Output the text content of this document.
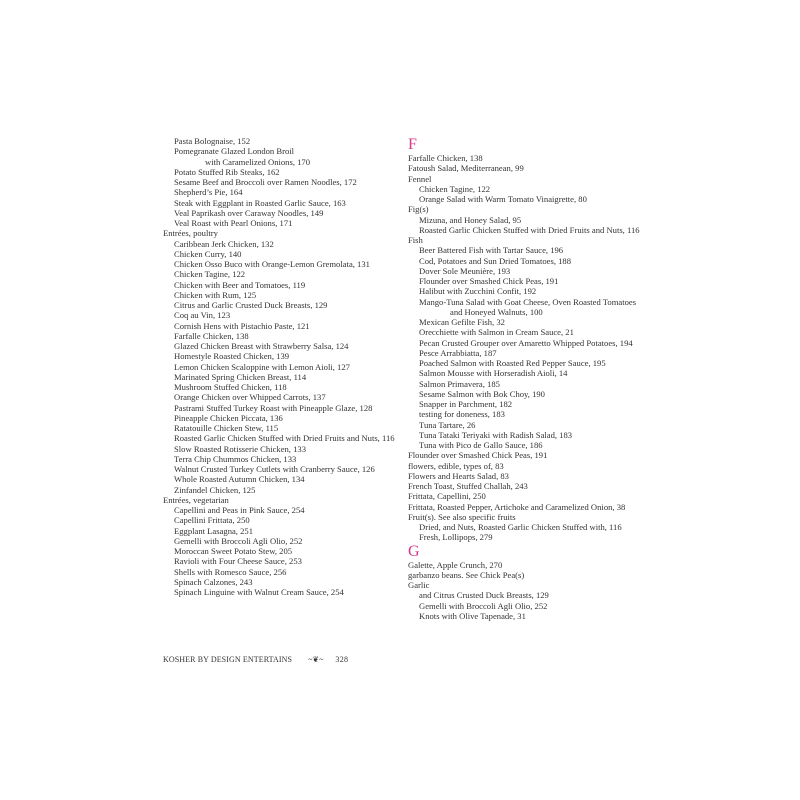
Pasta Bolognaise, 152
Pomegranate Glazed London Broil
with Caramelized Onions, 170
Potato Stuffed Rib Steaks, 162
Sesame Beef and Broccoli over Ramen Noodles, 172
Shepherd’s Pie, 164
Steak with Eggplant in Roasted Garlic Sauce, 163
Veal Paprikash over Caraway Noodles, 149
Veal Roast with Pearl Onions, 171
Entrées, poultry
Caribbean Jerk Chicken, 132
Chicken Curry, 140
Chicken Osso Buco with Orange-Lemon Gremolata, 131
Chicken Tagine, 122
Chicken with Beer and Tomatoes, 119
Chicken with Rum, 125
Citrus and Garlic Crusted Duck Breasts, 129
Coq au Vin, 123
Cornish Hens with Pistachio Paste, 121
Farfalle Chicken, 138
Glazed Chicken Breast with Strawberry Salsa, 124
Homestyle Roasted Chicken, 139
Lemon Chicken Scaloppine with Lemon Aioli, 127
Marinated Spring Chicken Breast, 114
Mushroom Stuffed Chicken, 118
Orange Chicken over Whipped Carrots, 137
Pastrami Stuffed Turkey Roast with Pineapple Glaze, 128
Pineapple Chicken Piccata, 136
Ratatouille Chicken Stew, 115
Roasted Garlic Chicken Stuffed with Dried Fruits and Nuts, 116
Slow Roasted Rotisserie Chicken, 133
Terra Chip Chummos Chicken, 133
Walnut Crusted Turkey Cutlets with Cranberry Sauce, 126
Whole Roasted Autumn Chicken, 134
Zinfandel Chicken, 125
Entrées, vegetarian
Capellini and Peas in Pink Sauce, 254
Capellini Frittata, 250
Eggplant Lasagna, 251
Gemelli with Broccoli Agli Olio, 252
Moroccan Sweet Potato Stew, 205
Ravioli with Four Cheese Sauce, 253
Shells with Romesco Sauce, 256
Spinach Calzones, 243
Spinach Linguine with Walnut Cream Sauce, 254
F
Farfalle Chicken, 138
Fatoush Salad, Mediterranean, 99
Fennel
Chicken Tagine, 122
Orange Salad with Warm Tomato Vinaigrette, 80
Fig(s)
Mizuna, and Honey Salad, 95
Roasted Garlic Chicken Stuffed with Dried Fruits and Nuts, 116
Fish
Beer Battered Fish with Tartar Sauce, 196
Cod, Potatoes and Sun Dried Tomatoes, 188
Dover Sole Meunière, 193
Flounder over Smashed Chick Peas, 191
Halibut with Zucchini Confit, 192
Mango-Tuna Salad with Goat Cheese, Oven Roasted Tomatoes
and Honeyed Walnuts, 100
Mexican Gefilte Fish, 32
Orecchiette with Salmon in Cream Sauce, 21
Pecan Crusted Grouper over Amaretto Whipped Potatoes, 194
Pesce Arrabbiatta, 187
Poached Salmon with Roasted Red Pepper Sauce, 195
Salmon Mousse with Horseradish Aioli, 14
Salmon Primavera, 185
Sesame Salmon with Bok Choy, 190
Snapper in Parchment, 182
testing for doneness, 183
Tuna Tartare, 26
Tuna Tataki Teriyaki with Radish Salad, 183
Tuna with Pico de Gallo Sauce, 186
Flounder over Smashed Chick Peas, 191
flowers, edible, types of, 83
Flowers and Hearts Salad, 83
French Toast, Stuffed Challah, 243
Frittata, Capellini, 250
Frittata, Roasted Pepper, Artichoke and Caramelized Onion, 38
Fruit(s). See also specific fruits
Dried, and Nuts, Roasted Garlic Chicken Stuffed with, 116
Fresh, Lollipops, 279
G
Galette, Apple Crunch, 270
garbanzo beans. See Chick Pea(s)
Garlic
and Citrus Crusted Duck Breasts, 129
Gemelli with Broccoli Agli Olio, 252
Knots with Olive Tapenade, 31
KOSHER BY DESIGN ENTERTAINS ~❦~ 328
